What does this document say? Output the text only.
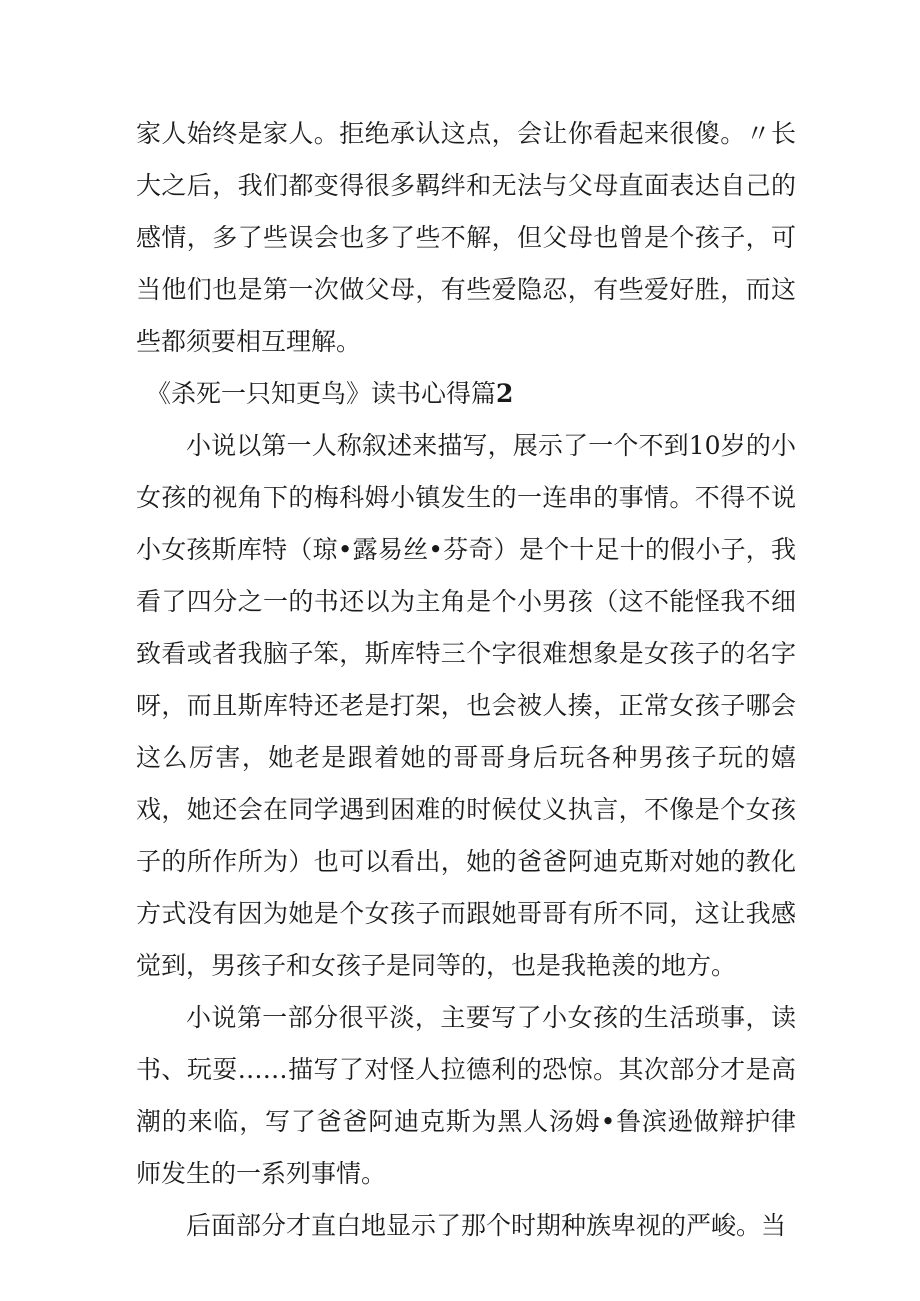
家人始终是家人。拒绝承认这点，会让你看起来很傻。〃长大之后，我们都变得很多羁绊和无法与父母直面表达自己的感情，多了些误会也多了些不解，但父母也曾是个孩子，可当他们也是第一次做父母，有些爱隐忍，有些爱好胜，而这些都须要相互理解。

《杀死一只知更鸟》读书心得篇2

小说以第一人称叙述来描写，展示了一个不到10岁的小女孩的视角下的梅科姆小镇发生的一连串的事情。不得不说小女孩斯库特（琼•露易丝•芬奇）是个十足十的假小子，我看了四分之一的书还以为主角是个小男孩（这不能怪我不细致看或者我脑子笨，斯库特三个字很难想象是女孩子的名字呀，而且斯库特还老是打架，也会被人揍，正常女孩子哪会这么厉害，她老是跟着她的哥哥身后玩各种男孩子玩的嬉戏，她还会在同学遇到困难的时候仗义执言，不像是个女孩子的所作所为）也可以看出，她的爸爸阿迪克斯对她的教化方式没有因为她是个女孩子而跟她哥哥有所不同，这让我感觉到，男孩子和女孩子是同等的，也是我艳羡的地方。

小说第一部分很平淡，主要写了小女孩的生活琐事，读书、玩耍……描写了对怪人拉德利的恐惊。其次部分才是高潮的来临，写了爸爸阿迪克斯为黑人汤姆•鲁滨逊做辩护律师发生的一系列事情。

后面部分才直白地显示了那个时期种族卑视的严峻。当
